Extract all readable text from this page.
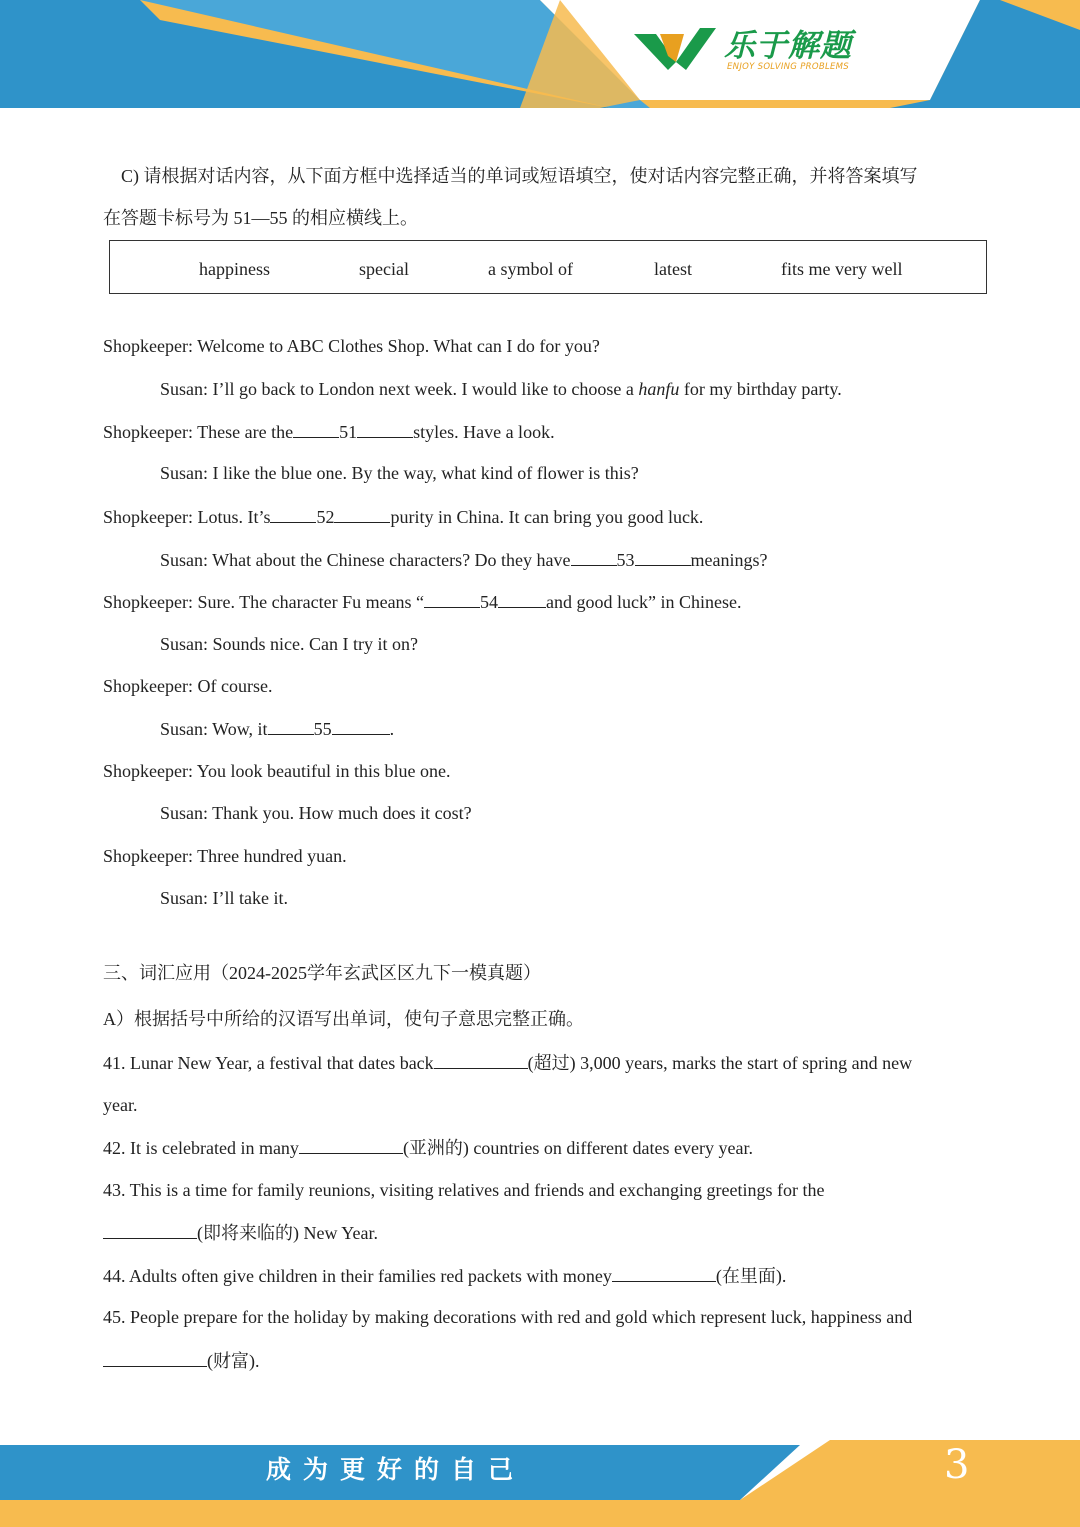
乐于解题
ENJOY SOLVING PROBLEMS
C) 请根据对话内容，从下面方框中选择适当的单词或短语填空，使对话内容完整正确，并将答案填写
在答题卡标号为 51—55 的相应横线上。
happiness	special	a symbol of	latest	fits me very well
Shopkeeper: Welcome to ABC Clothes Shop. What can I do for you?
Susan: I’ll go back to London next week. I would like to choose a hanfu for my birthday party.
Shopkeeper: These are the	51	styles. Have a look.
Susan: I like the blue one. By the way, what kind of flower is this?
Shopkeeper: Lotus. It’s	52	purity in China. It can bring you good luck.
Susan: What about the Chinese characters? Do they have	53	meanings?
Shopkeeper: Sure. The character Fu means “	54	and good luck” in Chinese.
Susan: Sounds nice. Can I try it on?
Shopkeeper: Of course.
Susan: Wow, it	55	.
Shopkeeper: You look beautiful in this blue one.
Susan: Thank you. How much does it cost?
Shopkeeper: Three hundred yuan.
Susan: I’ll take it.
三、词汇应用（2024-2025学年玄武区区九下一模真题）
A）根据括号中所给的汉语写出单词，使句子意思完整正确。
41. Lunar New Year, a festival that dates back	(超过) 3,000 years, marks the start of spring and new
year.
42. It is celebrated in many	(亚洲的) countries on different dates every year.
43. This is a time for family reunions, visiting relatives and friends and exchanging greetings for the
(即将来临的) New Year.
44. Adults often give children in their families red packets with money	(在里面).
45. People prepare for the holiday by making decorations with red and gold which represent luck, happiness and
(财富).
成为更好的自己	3
